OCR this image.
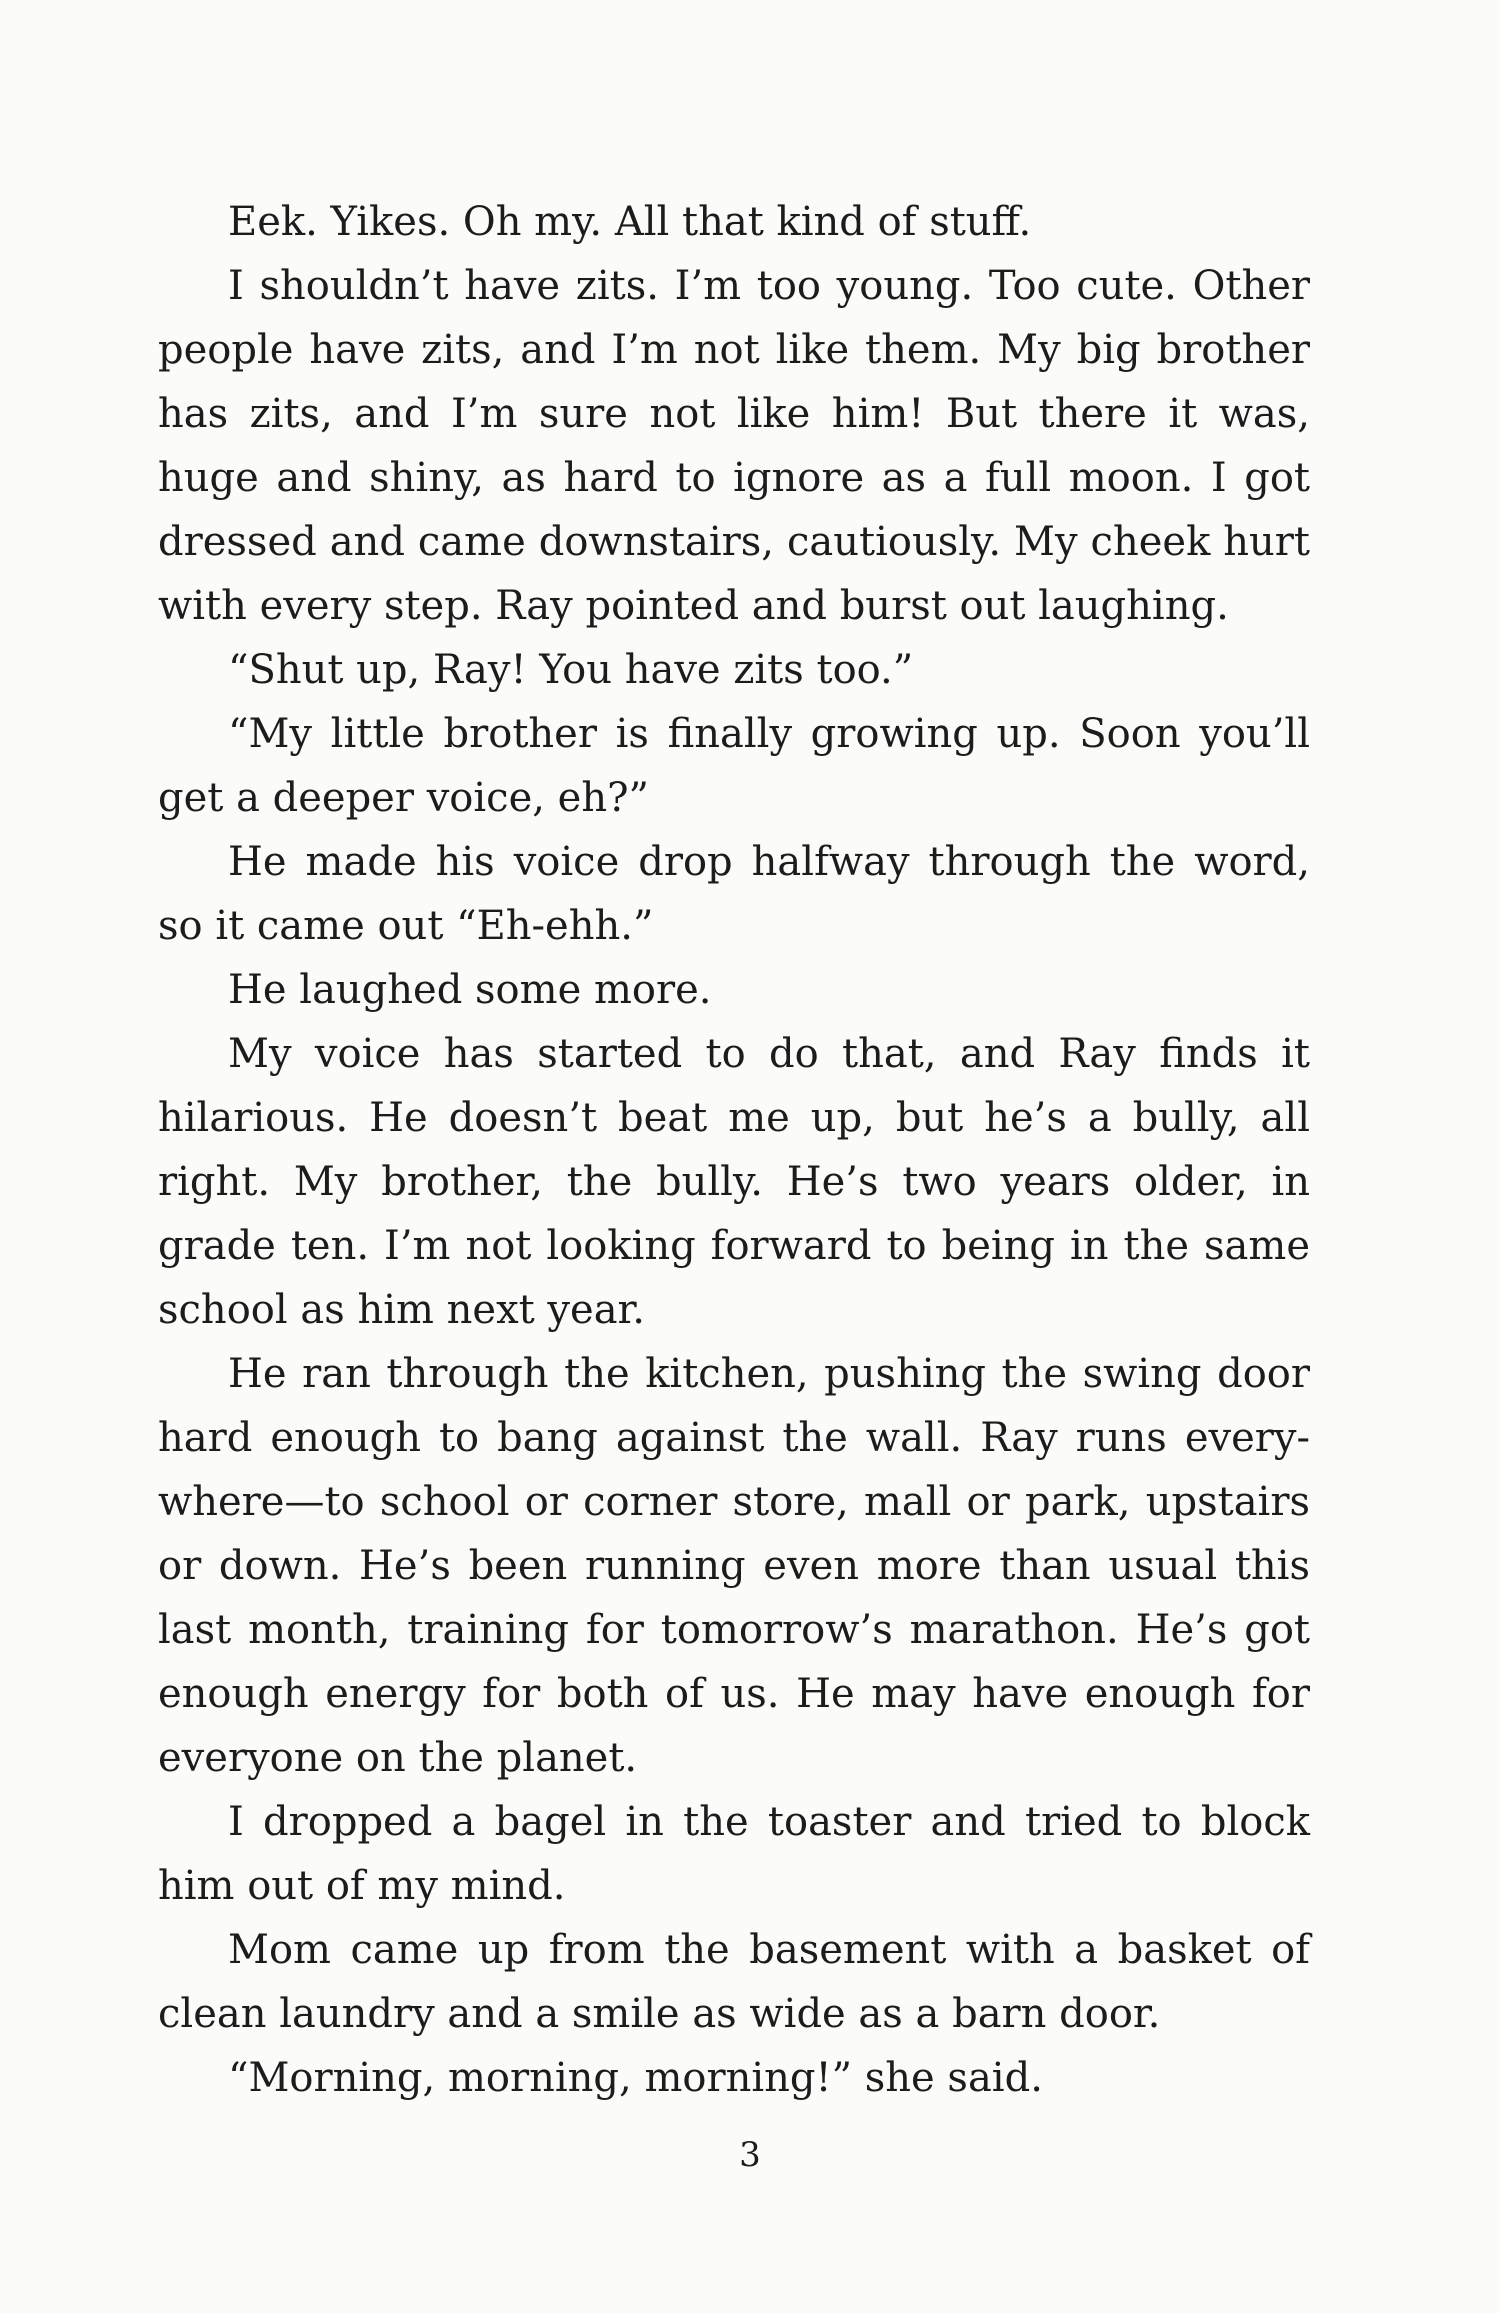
Eek. Yikes. Oh my. All that kind of stuff.

I shouldn’t have zits. I’m too young. Too cute. Other people have zits, and I’m not like them. My big brother has zits, and I’m sure not like him! But there it was, huge and shiny, as hard to ignore as a full moon. I got dressed and came downstairs, cautiously. My cheek hurt with every step. Ray pointed and burst out laughing.

“Shut up, Ray! You have zits too.”

“My little brother is finally growing up. Soon you’ll get a deeper voice, eh?”

He made his voice drop halfway through the word, so it came out “Eh-ehh.”

He laughed some more.

My voice has started to do that, and Ray finds it hilarious. He doesn’t beat me up, but he’s a bully, all right. My brother, the bully. He’s two years older, in grade ten. I’m not looking forward to being in the same school as him next year.

He ran through the kitchen, pushing the swing door hard enough to bang against the wall. Ray runs every-where—to school or corner store, mall or park, upstairs or down. He’s been running even more than usual this last month, training for tomorrow’s marathon. He’s got enough energy for both of us. He may have enough for everyone on the planet.

I dropped a bagel in the toaster and tried to block him out of my mind.

Mom came up from the basement with a basket of clean laundry and a smile as wide as a barn door.

“Morning, morning, morning!” she said.

3
